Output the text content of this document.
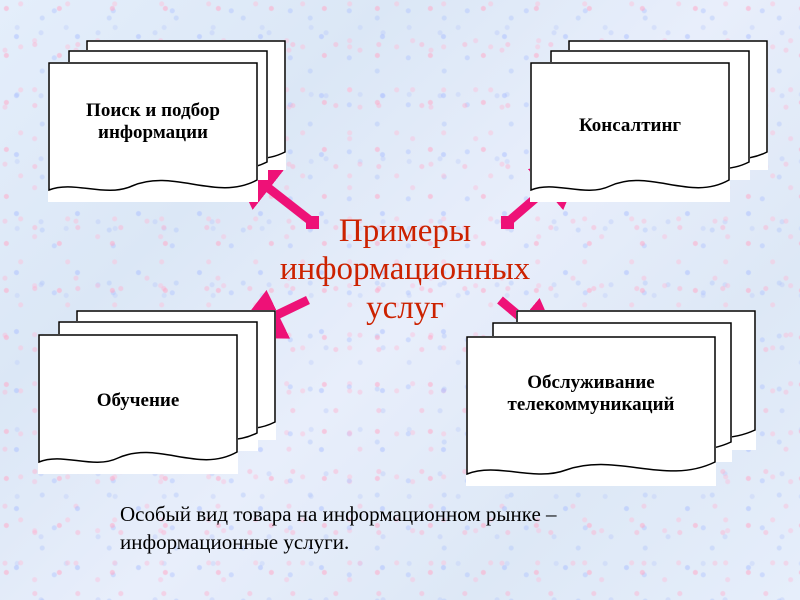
Поиск и подбор
информации	Консалтинг
Обучение
Обслуживание
телекоммуникаций
Примеры
информационных
услуг
Особый вид товара на информационном рынке – информационные услуги.
